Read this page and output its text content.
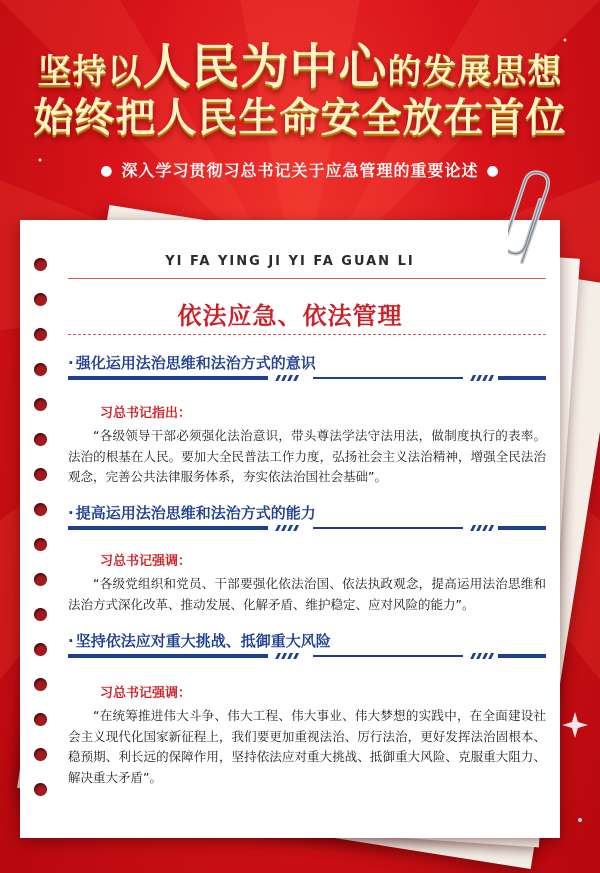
坚持以人民为中心的发展思想
始终把人民生命安全放在首位
● 深入学习贯彻习总书记关于应急管理的重要论述 ●
YI FA YING JI YI FA GUAN LI
依法应急、依法管理
· 强化运用法治思维和法治方式的意识
习总书记指出：
“各级领导干部必须强化法治意识，带头尊法学法守法用法，做制度执行的表率。法治的根基在人民。要加大全民普法工作力度，弘扬社会主义法治精神，增强全民法治观念，完善公共法律服务体系，夯实依法治国社会基础”。
· 提高运用法治思维和法治方式的能力
习总书记强调：
“各级党组织和党员、干部要强化依法治国、依法执政观念，提高运用法治思维和法治方式深化改革、推动发展、化解矛盾、维护稳定、应对风险的能力”。
· 坚持依法应对重大挑战、抵御重大风险
习总书记强调：
“在统筹推进伟大斗争、伟大工程、伟大事业、伟大梦想的实践中，在全面建设社会主义现代化国家新征程上，我们要更加重视法治、厉行法治，更好发挥法治固根本、稳预期、利长远的保障作用，坚持依法应对重大挑战、抵御重大风险、克服重大阻力、解决重大矛盾”。
